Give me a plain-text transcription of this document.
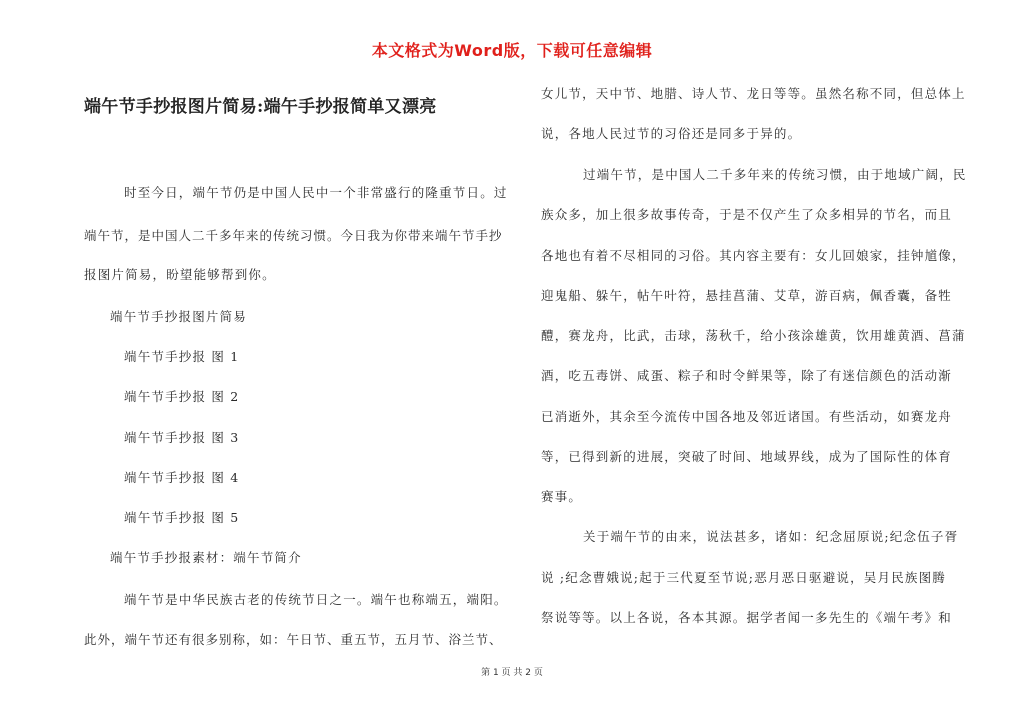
本文格式为Word版，下载可任意编辑
端午节手抄报图片简易:端午手抄报简单又漂亮
时至今日，端午节仍是中国人民中一个非常盛行的隆重节日。过
端午节，是中国人二千多年来的传统习惯。今日我为你带来端午节手抄
报图片简易，盼望能够帮到你。
端午节手抄报图片简易
端午节手抄报 图 1
端午节手抄报 图 2
端午节手抄报 图 3
端午节手抄报 图 4
端午节手抄报 图 5
端午节手抄报素材：端午节简介
端午节是中华民族古老的传统节日之一。端午也称端五，端阳。
此外，端午节还有很多别称，如：午日节、重五节，五月节、浴兰节、
女儿节，天中节、地腊、诗人节、龙日等等。虽然名称不同，但总体上
说，各地人民过节的习俗还是同多于异的。
过端午节，是中国人二千多年来的传统习惯，由于地域广阔，民
族众多，加上很多故事传奇，于是不仅产生了众多相异的节名，而且
各地也有着不尽相同的习俗。其内容主要有：女儿回娘家，挂钟馗像，
迎鬼船、躲午，帖午叶符，悬挂菖蒲、艾草，游百病，佩香囊，备牲
醴，赛龙舟，比武，击球，荡秋千，给小孩涂雄黄，饮用雄黄酒、菖蒲
酒，吃五毒饼、咸蛋、粽子和时令鲜果等，除了有迷信颜色的活动渐
已消逝外，其余至今流传中国各地及邻近诸国。有些活动，如赛龙舟
等，已得到新的进展，突破了时间、地域界线，成为了国际性的体育
赛事。
关于端午节的由来，说法甚多，诸如：纪念屈原说;纪念伍子胥
说 ;纪念曹娥说;起于三代夏至节说;恶月恶日驱避说，吴月民族图腾
祭说等等。以上各说，各本其源。据学者闻一多先生的《端午考》和
第 1 页 共 2 页
